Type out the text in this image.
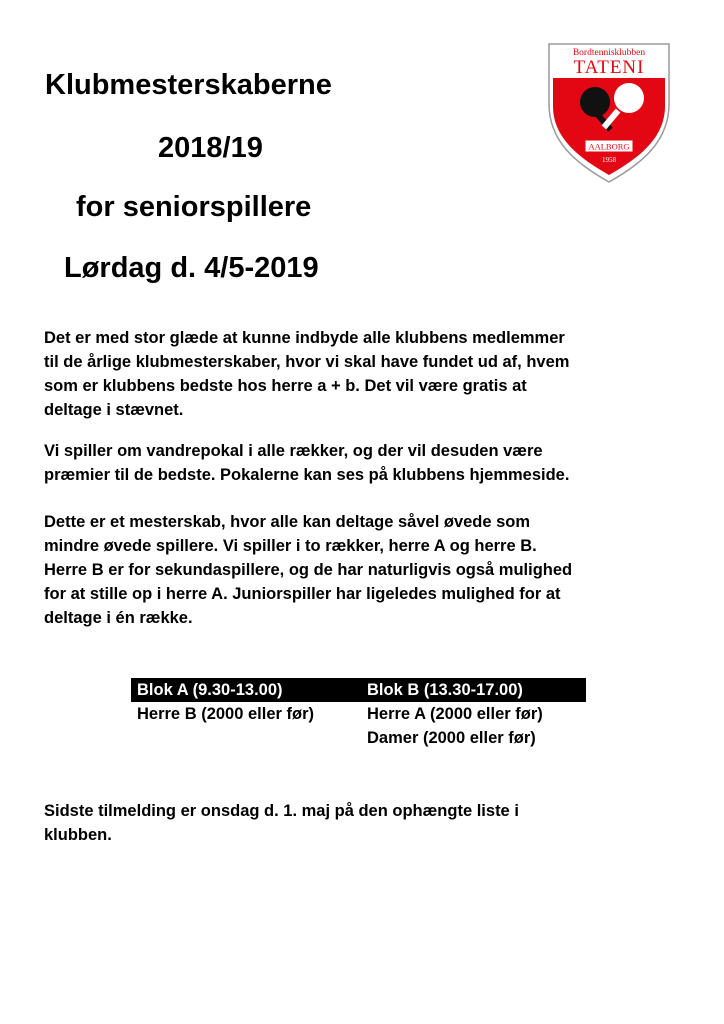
Klubmesterskaberne
2018/19
for seniorspillere
Lørdag d. 4/5-2019
Bordtennisklubben
TATENI
AALBORG
1958

Det er med stor glæde at kunne indbyde alle klubbens medlemmer

til de årlige klubmesterskaber, hvor vi skal have fundet ud af, hvem

som er klubbens bedste hos herre a + b. Det vil være gratis at

deltage i stævnet.

Vi spiller om vandrepokal i alle rækker, og der vil desuden være

præmier til de bedste. Pokalerne kan ses på klubbens hjemmeside.

Dette er et mesterskab, hvor alle kan deltage såvel øvede som

mindre øvede spillere. Vi spiller i to rækker, herre A og herre B.

Herre B er for sekundaspillere, og de har naturligvis også mulighed

for at stille op i herre A. Juniorspiller har ligeledes mulighed for at

deltage i én række.

Blok A (9.30-13.00)	Blok B (13.30-17.00)
Herre B (2000 eller før)	Herre A (2000 eller før)
	Damer (2000 eller før)

Sidste tilmelding er onsdag d. 1. maj på den ophængte liste i

klubben.
